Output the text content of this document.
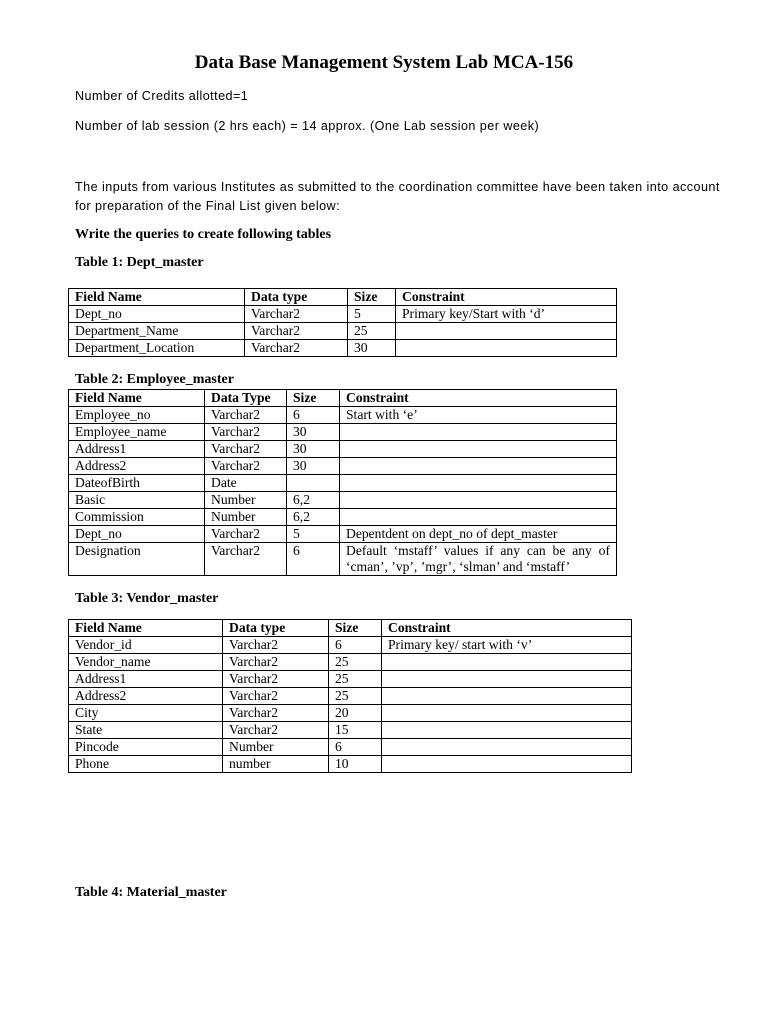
Data Base Management System Lab MCA-156
Number of Credits allotted=1
Number of lab session (2 hrs each) = 14 approx. (One Lab session per week)
The inputs from various Institutes as submitted to the coordination committee have been taken into account for preparation of the Final List given below:
Write the queries to create following tables
Table 1: Dept_master
Field Name	Data type	Size	Constraint
Dept_no	Varchar2	5	Primary key/Start with ‘d’
Department_Name	Varchar2	25	
Department_Location	Varchar2	30	
Table 2: Employee_master
Field Name	Data Type	Size	Constraint
Employee_no	Varchar2	6	Start with ‘e’
Employee_name	Varchar2	30	
Address1	Varchar2	30	
Address2	Varchar2	30	
DateofBirth	Date		
Basic	Number	6,2	
Commission	Number	6,2	
Dept_no	Varchar2	5	Depentdent on dept_no of dept_master
Designation	Varchar2	6	Default ‘mstaff’ values if any can be any of ‘cman’, ’vp’, ’mgr’, ‘slman’ and ‘mstaff’
Table 3: Vendor_master
Field Name	Data type	Size	Constraint
Vendor_id	Varchar2	6	Primary key/ start with ‘v’
Vendor_name	Varchar2	25	
Address1	Varchar2	25	
Address2	Varchar2	25	
City	Varchar2	20	
State	Varchar2	15	
Pincode	Number	6	
Phone	number	10	
Table 4: Material_master
